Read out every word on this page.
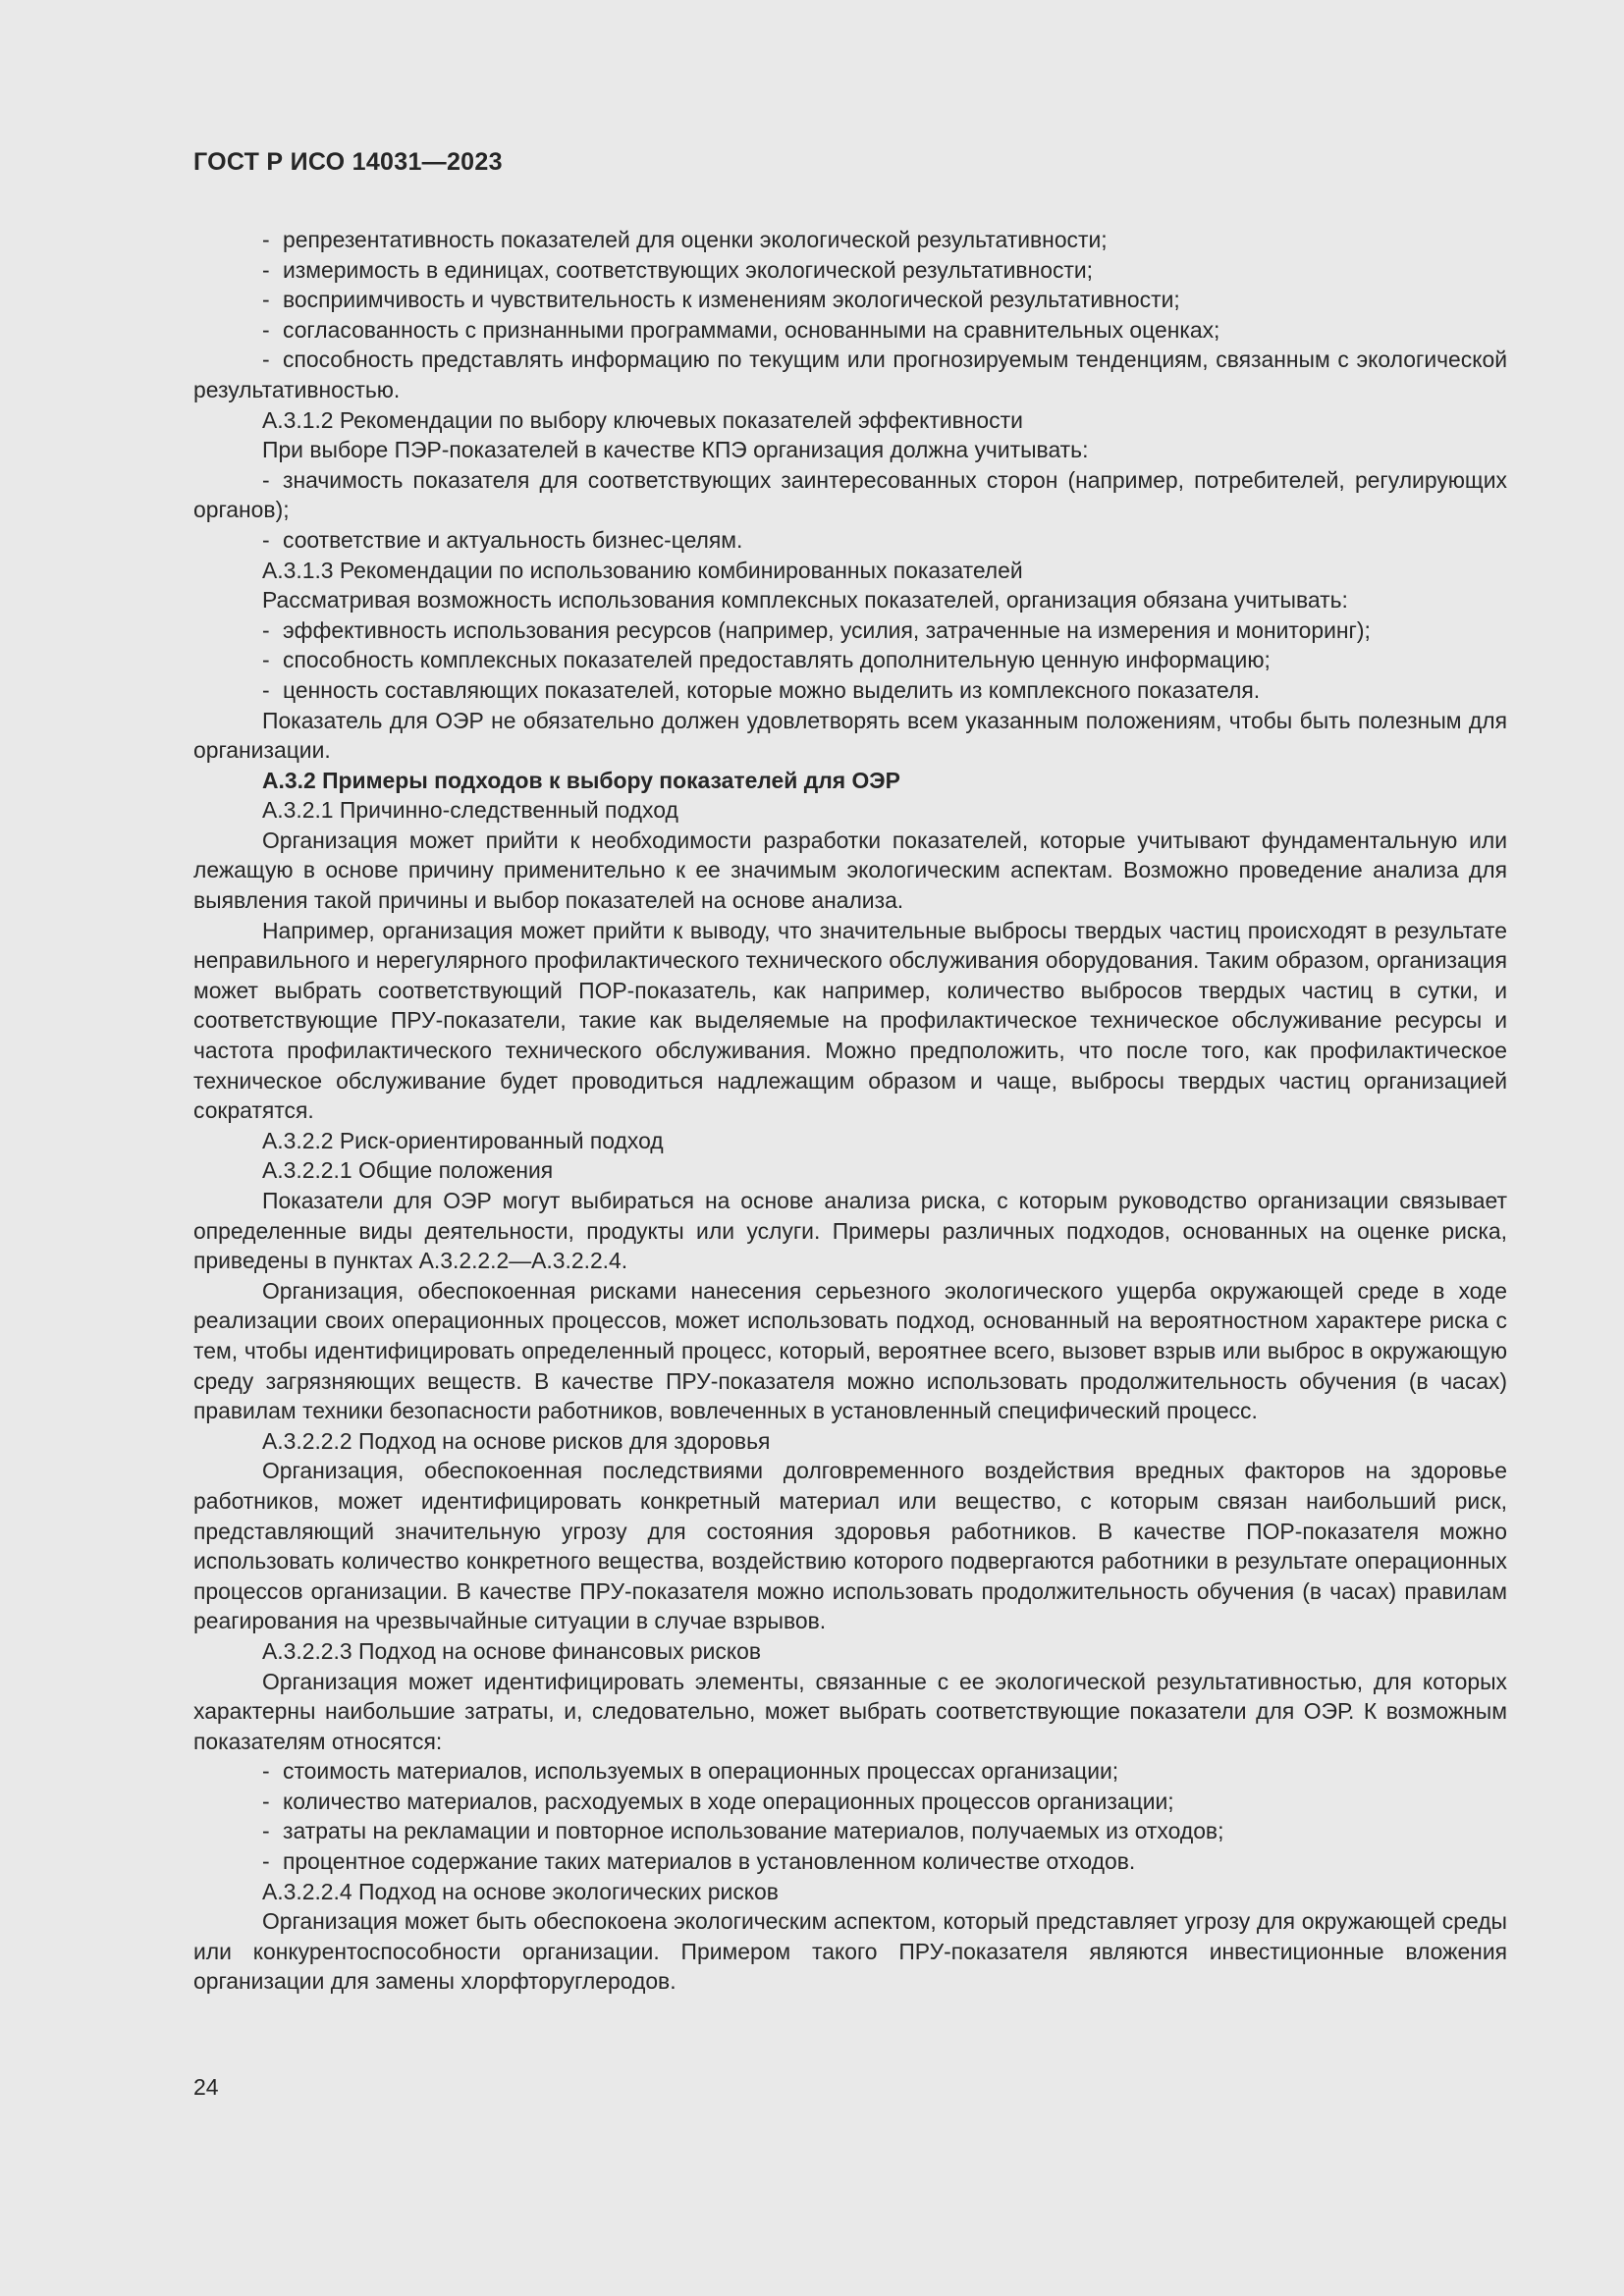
ГОСТ Р ИСО 14031—2023

- репрезентативность показателей для оценки экологической результативности;

- измеримость в единицах, соответствующих экологической результативности;

- восприимчивость и чувствительность к изменениям экологической результативности;

- согласованность с признанными программами, основанными на сравнительных оценках;

- способность представлять информацию по текущим или прогнозируемым тенденциям, связанным с экологической результативностью.

А.3.1.2 Рекомендации по выбору ключевых показателей эффективности

При выборе ПЭР-показателей в качестве КПЭ организация должна учитывать:

- значимость показателя для соответствующих заинтересованных сторон (например, потребителей, регулирующих органов);

- соответствие и актуальность бизнес-целям.

А.3.1.3 Рекомендации по использованию комбинированных показателей

Рассматривая возможность использования комплексных показателей, организация обязана учитывать:

- эффективность использования ресурсов (например, усилия, затраченные на измерения и мониторинг);

- способность комплексных показателей предоставлять дополнительную ценную информацию;

- ценность составляющих показателей, которые можно выделить из комплексного показателя.

Показатель для ОЭР не обязательно должен удовлетворять всем указанным положениям, чтобы быть полезным для организации.

А.3.2 Примеры подходов к выбору показателей для ОЭР

А.3.2.1 Причинно-следственный подход

Организация может прийти к необходимости разработки показателей, которые учитывают фундаментальную или лежащую в основе причину применительно к ее значимым экологическим аспектам. Возможно проведение анализа для выявления такой причины и выбор показателей на основе анализа.

Например, организация может прийти к выводу, что значительные выбросы твердых частиц происходят в результате неправильного и нерегулярного профилактического технического обслуживания оборудования. Таким образом, организация может выбрать соответствующий ПОР-показатель, как например, количество выбросов твердых частиц в сутки, и соответствующие ПРУ-показатели, такие как выделяемые на профилактическое техническое обслуживание ресурсы и частота профилактического технического обслуживания. Можно предположить, что после того, как профилактическое техническое обслуживание будет проводиться надлежащим образом и чаще, выбросы твердых частиц организацией сократятся.

А.3.2.2 Риск-ориентированный подход

А.3.2.2.1 Общие положения

Показатели для ОЭР могут выбираться на основе анализа риска, с которым руководство организации связывает определенные виды деятельности, продукты или услуги. Примеры различных подходов, основанных на оценке риска, приведены в пунктах А.3.2.2.2—А.3.2.2.4.

Организация, обеспокоенная рисками нанесения серьезного экологического ущерба окружающей среде в ходе реализации своих операционных процессов, может использовать подход, основанный на вероятностном характере риска с тем, чтобы идентифицировать определенный процесс, который, вероятнее всего, вызовет взрыв или выброс в окружающую среду загрязняющих веществ. В качестве ПРУ-показателя можно использовать продолжительность обучения (в часах) правилам техники безопасности работников, вовлеченных в установленный специфический процесс.

А.3.2.2.2 Подход на основе рисков для здоровья

Организация, обеспокоенная последствиями долговременного воздействия вредных факторов на здоровье работников, может идентифицировать конкретный материал или вещество, с которым связан наибольший риск, представляющий значительную угрозу для состояния здоровья работников. В качестве ПОР-показателя можно использовать количество конкретного вещества, воздействию которого подвергаются работники в результате операционных процессов организации. В качестве ПРУ-показателя можно использовать продолжительность обучения (в часах) правилам реагирования на чрезвычайные ситуации в случае взрывов.

А.3.2.2.3 Подход на основе финансовых рисков

Организация может идентифицировать элементы, связанные с ее экологической результативностью, для которых характерны наибольшие затраты, и, следовательно, может выбрать соответствующие показатели для ОЭР. К возможным показателям относятся:

- стоимость материалов, используемых в операционных процессах организации;

- количество материалов, расходуемых в ходе операционных процессов организации;

- затраты на рекламации и повторное использование материалов, получаемых из отходов;

- процентное содержание таких материалов в установленном количестве отходов.

А.3.2.2.4 Подход на основе экологических рисков

Организация может быть обеспокоена экологическим аспектом, который представляет угрозу для окружающей среды или конкурентоспособности организации. Примером такого ПРУ-показателя являются инвестиционные вложения организации для замены хлорфторуглеродов.

24
